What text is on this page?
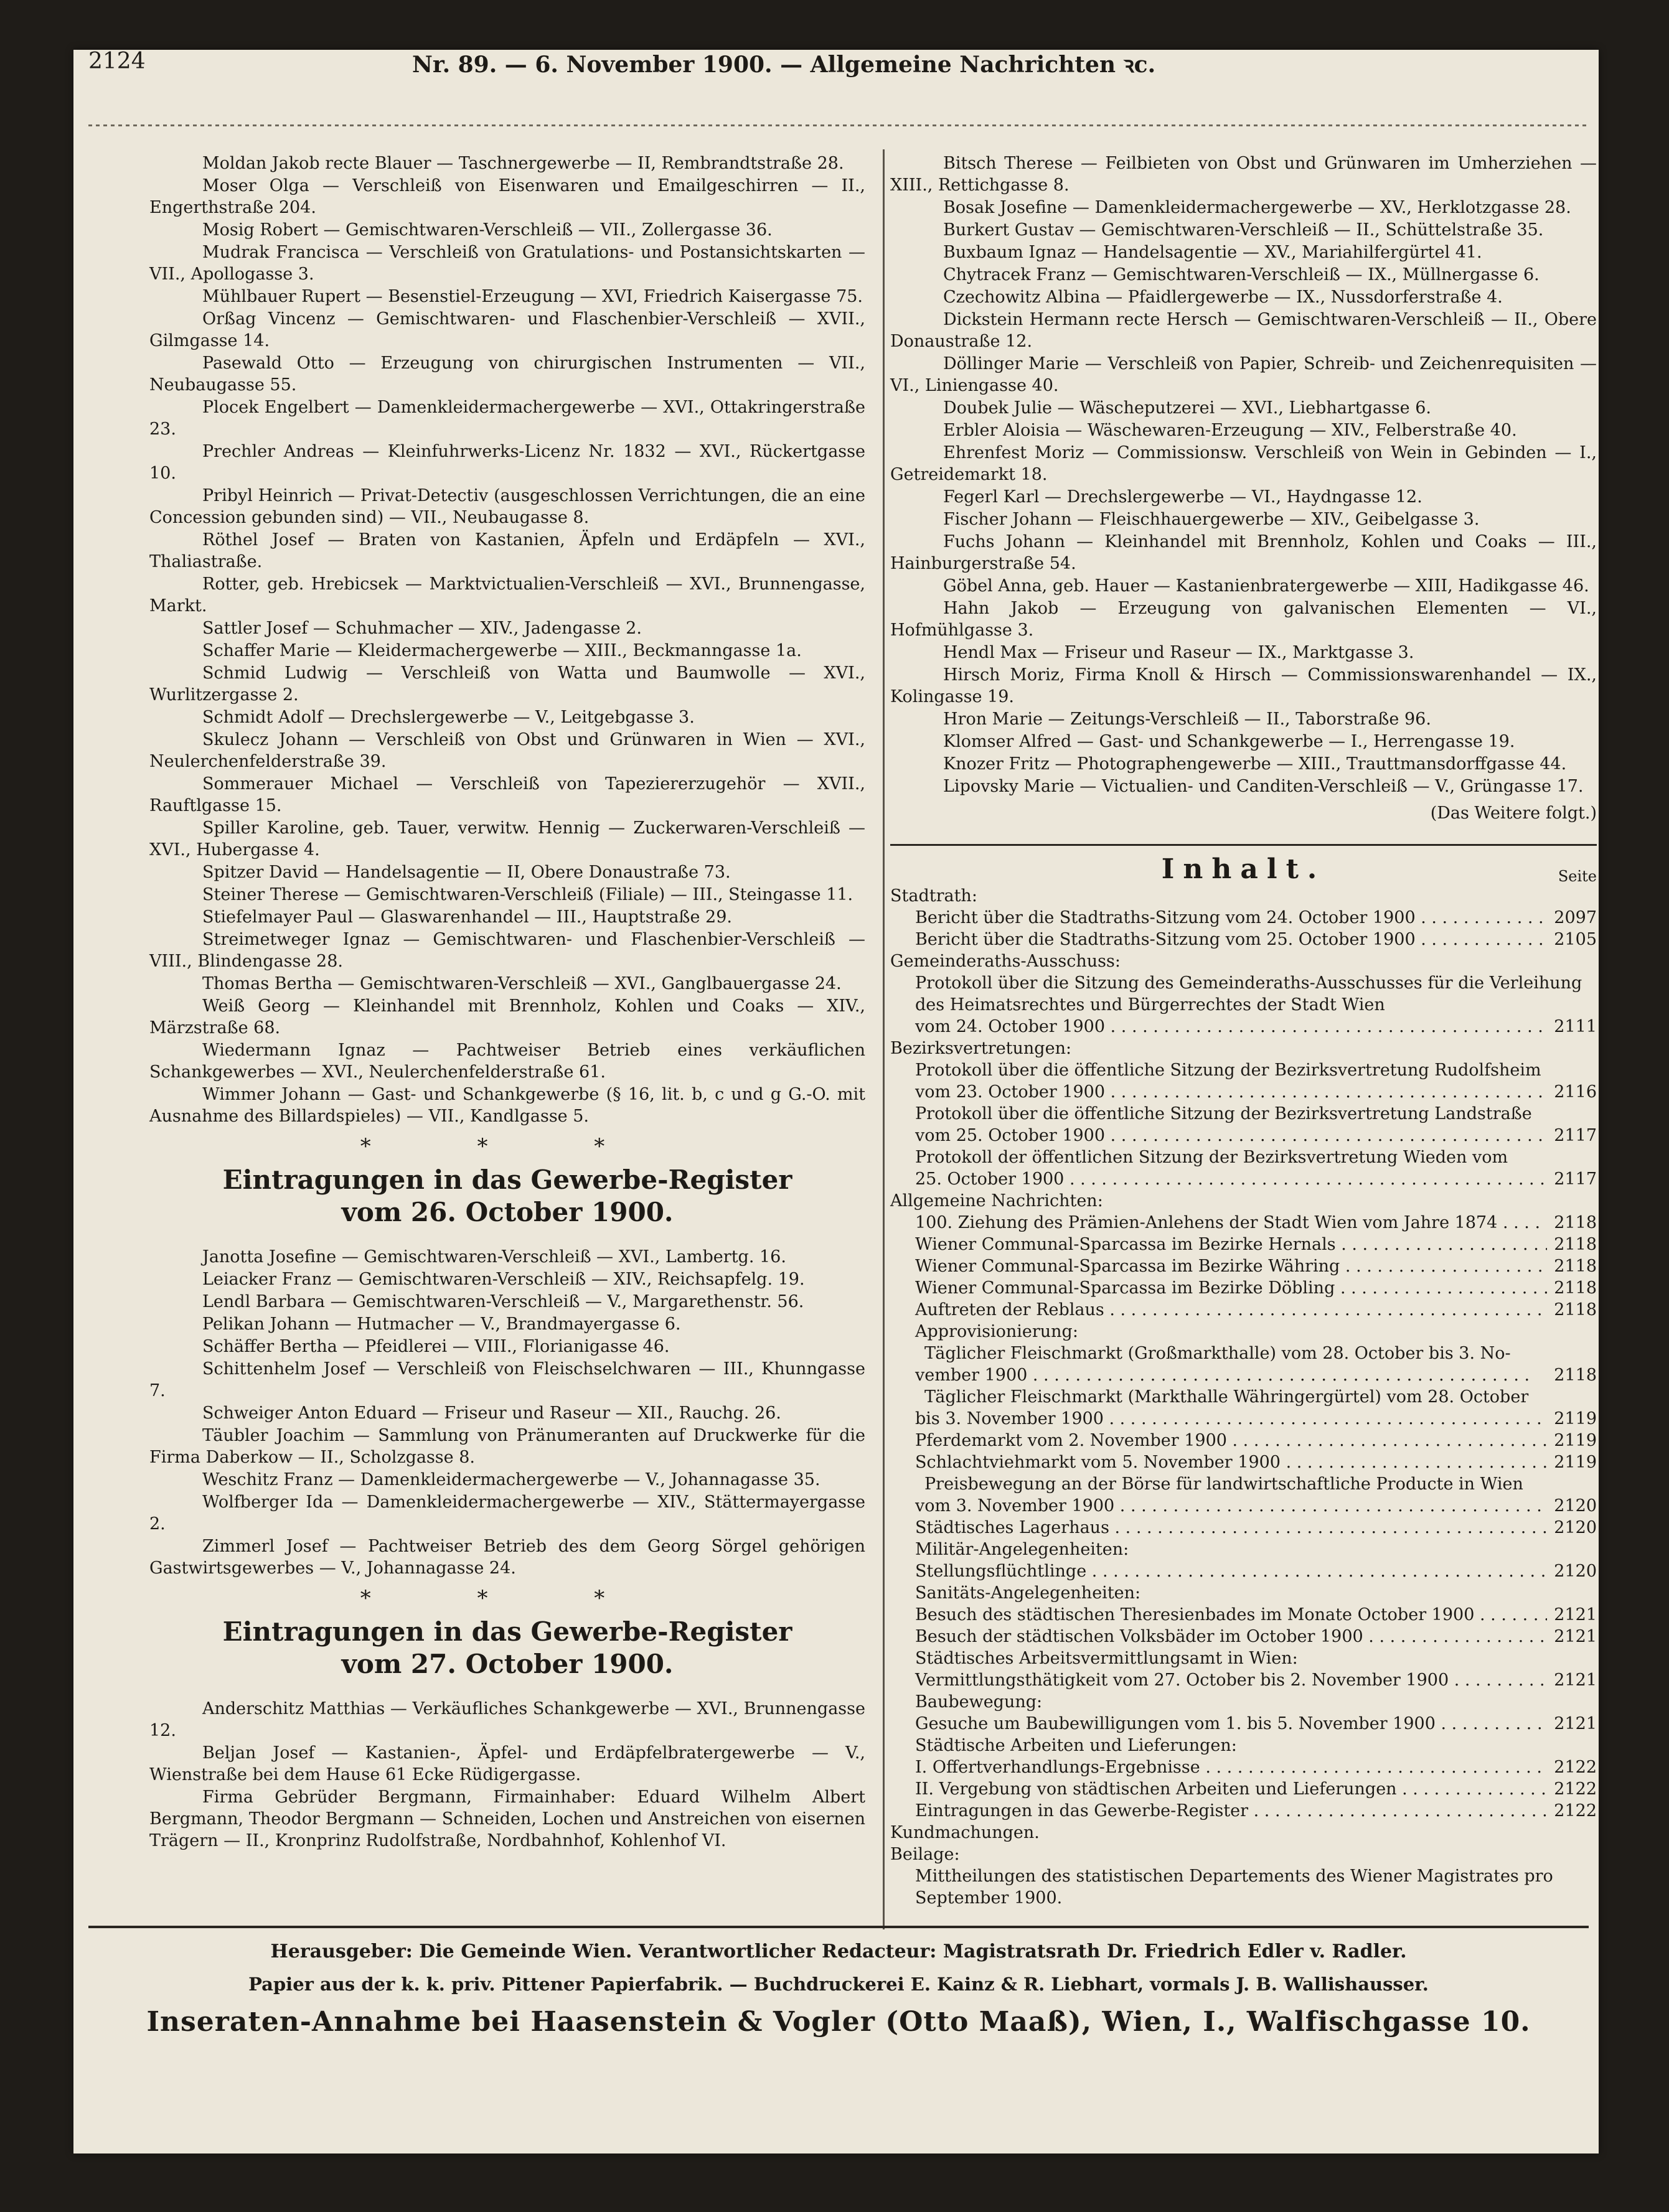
2124	Nr. 89. — 6. November 1900. — Allgemeine Nachrichten ꝛc.

Moldan Jakob recte Blauer — Taschnergewerbe — II, Rembrandtstraße 28.

Moser Olga — Verschleiß von Eisenwaren und Emailgeschirren — II., Engerthstraße 204.

Mosig Robert — Gemischtwaren-Verschleiß — VII., Zollergasse 36.

Mudrak Francisca — Verschleiß von Gratulations- und Postansichtskarten — VII., Apollogasse 3.

Mühlbauer Rupert — Besenstiel-Erzeugung — XVI, Friedrich Kaisergasse 75.

Orßag Vincenz — Gemischtwaren- und Flaschenbier-Verschleiß — XVII., Gilmgasse 14.

Pasewald Otto — Erzeugung von chirurgischen Instrumenten — VII., Neubaugasse 55.

Plocek Engelbert — Damenkleidermachergewerbe — XVI., Ottakringerstraße 23.

Prechler Andreas — Kleinfuhrwerks-Licenz Nr. 1832 — XVI., Rückertgasse 10.

Pribyl Heinrich — Privat-Detectiv (ausgeschlossen Verrichtungen, die an eine Concession gebunden sind) — VII., Neubaugasse 8.

Röthel Josef — Braten von Kastanien, Äpfeln und Erdäpfeln — XVI., Thaliastraße.

Rotter, geb. Hrebicsek — Marktvictualien-Verschleiß — XVI., Brunnengasse, Markt.

Sattler Josef — Schuhmacher — XIV., Jadengasse 2.

Schaffer Marie — Kleidermachergewerbe — XIII., Beckmanngasse 1a.

Schmid Ludwig — Verschleiß von Watta und Baumwolle — XVI., Wurlitzergasse 2.

Schmidt Adolf — Drechslergewerbe — V., Leitgebgasse 3.

Skulecz Johann — Verschleiß von Obst und Grünwaren in Wien — XVI., Neulerchenfelderstraße 39.

Sommerauer Michael — Verschleiß von Tapeziererzugehör — XVII., Rauftlgasse 15.

Spiller Karoline, geb. Tauer, verwitw. Hennig — Zuckerwaren-Verschleiß — XVI., Hubergasse 4.

Spitzer David — Handelsagentie — II, Obere Donaustraße 73.

Steiner Therese — Gemischtwaren-Verschleiß (Filiale) — III., Steingasse 11.

Stiefelmayer Paul — Glaswarenhandel — III., Hauptstraße 29.

Streimetweger Ignaz — Gemischtwaren- und Flaschenbier-Verschleiß — VIII., Blindengasse 28.

Thomas Bertha — Gemischtwaren-Verschleiß — XVI., Ganglbauergasse 24.

Weiß Georg — Kleinhandel mit Brennholz, Kohlen und Coaks — XIV., Märzstraße 68.

Wiedermann Ignaz — Pachtweiser Betrieb eines verkäuflichen Schankgewerbes — XVI., Neulerchenfelderstraße 61.

Wimmer Johann — Gast- und Schankgewerbe (§ 16, lit. b, c und g G.-O. mit Ausnahme des Billardspieles) — VII., Kandlgasse 5.

* * *
Eintragungen in das Gewerbe-Register
vom 26. October 1900.

Janotta Josefine — Gemischtwaren-Verschleiß — XVI., Lambertg. 16.

Leiacker Franz — Gemischtwaren-Verschleiß — XIV., Reichsapfelg. 19.

Lendl Barbara — Gemischtwaren-Verschleiß — V., Margarethenstr. 56.

Pelikan Johann — Hutmacher — V., Brandmayergasse 6.

Schäffer Bertha — Pfeidlerei — VIII., Florianigasse 46.

Schittenhelm Josef — Verschleiß von Fleischselchwaren — III., Khunngasse 7.

Schweiger Anton Eduard — Friseur und Raseur — XII., Rauchg. 26.

Täubler Joachim — Sammlung von Pränumeranten auf Druckwerke für die Firma Daberkow — II., Scholzgasse 8.

Weschitz Franz — Damenkleidermachergewerbe — V., Johannagasse 35.

Wolfberger Ida — Damenkleidermachergewerbe — XIV., Stättermayergasse 2.

Zimmerl Josef — Pachtweiser Betrieb des dem Georg Sörgel gehörigen Gastwirtsgewerbes — V., Johannagasse 24.

* * *
Eintragungen in das Gewerbe-Register
vom 27. October 1900.

Anderschitz Matthias — Verkäufliches Schankgewerbe — XVI., Brunnengasse 12.

Beljan Josef — Kastanien-, Äpfel- und Erdäpfelbratergewerbe — V., Wienstraße bei dem Hause 61 Ecke Rüdigergasse.

Firma Gebrüder Bergmann, Firmainhaber: Eduard Wilhelm Albert Bergmann, Theodor Bergmann — Schneiden, Lochen und Anstreichen von eisernen Trägern — II., Kronprinz Rudolfstraße, Nordbahnhof, Kohlenhof VI.

Bitsch Therese — Feilbieten von Obst und Grünwaren im Umherziehen — XIII., Rettichgasse 8.

Bosak Josefine — Damenkleidermachergewerbe — XV., Herklotzgasse 28.

Burkert Gustav — Gemischtwaren-Verschleiß — II., Schüttelstraße 35.

Buxbaum Ignaz — Handelsagentie — XV., Mariahilfergürtel 41.

Chytracek Franz — Gemischtwaren-Verschleiß — IX., Müllnergasse 6.

Czechowitz Albina — Pfaidlergewerbe — IX., Nussdorferstraße 4.

Dickstein Hermann recte Hersch — Gemischtwaren-Verschleiß — II., Obere Donaustraße 12.

Döllinger Marie — Verschleiß von Papier, Schreib- und Zeichenrequisiten — VI., Liniengasse 40.

Doubek Julie — Wäscheputzerei — XVI., Liebhartgasse 6.

Erbler Aloisia — Wäschewaren-Erzeugung — XIV., Felberstraße 40.

Ehrenfest Moriz — Commissionsw. Verschleiß von Wein in Gebinden — I., Getreidemarkt 18.

Fegerl Karl — Drechslergewerbe — VI., Haydngasse 12.

Fischer Johann — Fleischhauergewerbe — XIV., Geibelgasse 3.

Fuchs Johann — Kleinhandel mit Brennholz, Kohlen und Coaks — III., Hainburgerstraße 54.

Göbel Anna, geb. Hauer — Kastanienbratergewerbe — XIII, Hadikgasse 46.

Hahn Jakob — Erzeugung von galvanischen Elementen — VI., Hofmühlgasse 3.

Hendl Max — Friseur und Raseur — IX., Marktgasse 3.

Hirsch Moriz, Firma Knoll & Hirsch — Commissionswarenhandel — IX., Kolingasse 19.

Hron Marie — Zeitungs-Verschleiß — II., Taborstraße 96.

Klomser Alfred — Gast- und Schankgewerbe — I., Herrengasse 19.

Knozer Fritz — Photographengewerbe — XIII., Trauttmansdorffgasse 44.

Lipovsky Marie — Victualien- und Canditen-Verschleiß — V., Grüngasse 17.

(Das Weitere folgt.)
Inhalt.	Seite
Stadtrath:
Bericht über die Stadtraths-Sitzung vom 24. October 1900 . . .	2097
Bericht über die Stadtraths-Sitzung vom 25. October 1900 . . .	2105
Gemeinderaths-Ausschuss:
Protokoll über die Sitzung des Gemeinderaths-Ausschusses für die Verleihung des Heimatsrechtes und Bürgerrechtes der Stadt Wien
vom 24. October 1900 . . .	2111
Bezirksvertretungen:
Protokoll über die öffentliche Sitzung der Bezirksvertretung Rudolfsheim
vom 23. October 1900 . . .	2116
Protokoll über die öffentliche Sitzung der Bezirksvertretung Landstraße
vom 25. October 1900 . . .	2117
Protokoll der öffentlichen Sitzung der Bezirksvertretung Wieden vom
25. October 1900 . . .	2117
Allgemeine Nachrichten:
100. Ziehung des Prämien-Anlehens der Stadt Wien vom Jahre 1874 . . .	2118
Wiener Communal-Sparcassa im Bezirke Hernals . . .	2118
Wiener Communal-Sparcassa im Bezirke Währing . . .	2118
Wiener Communal-Sparcassa im Bezirke Döbling . . .	2118
Auftreten der Reblaus . . .	2118
Approvisionierung:
Täglicher Fleischmarkt (Großmarkthalle) vom 28. October bis 3. No-
vember 1900 . . .	2118
Täglicher Fleischmarkt (Markthalle Währingergürtel) vom 28. October
bis 3. November 1900 . . .	2119
Pferdemarkt vom 2. November 1900 . . .	2119
Schlachtviehmarkt vom 5. November 1900 . . .	2119
Preisbewegung an der Börse für landwirtschaftliche Producte in Wien
vom 3. November 1900 . . .	2120
Städtisches Lagerhaus . . .	2120
Militär-Angelegenheiten:
Stellungsflüchtlinge . . .	2120
Sanitäts-Angelegenheiten:
Besuch des städtischen Theresienbades im Monate October 1900 . . .	2121
Besuch der städtischen Volksbäder im October 1900 . . .	2121
Städtisches Arbeitsvermittlungsamt in Wien:
Vermittlungsthätigkeit vom 27. October bis 2. November 1900 . . .	2121
Baubewegung:
Gesuche um Baubewilligungen vom 1. bis 5. November 1900 . . .	2121
Städtische Arbeiten und Lieferungen:
I. Offertverhandlungs-Ergebnisse . . .	2122
II. Vergebung von städtischen Arbeiten und Lieferungen . . .	2122
Eintragungen in das Gewerbe-Register . . .	2122
Kundmachungen.
Beilage:
Mittheilungen des statistischen Departements des Wiener Magistrates pro September 1900.
Herausgeber: Die Gemeinde Wien. Verantwortlicher Redacteur: Magistratsrath Dr. Friedrich Edler v. Radler.
Papier aus der k. k. priv. Pittener Papierfabrik. — Buchdruckerei E. Kainz & R. Liebhart, vormals J. B. Wallishausser.
Inseraten-Annahme bei Haasenstein & Vogler (Otto Maaß), Wien, I., Walfischgasse 10.
